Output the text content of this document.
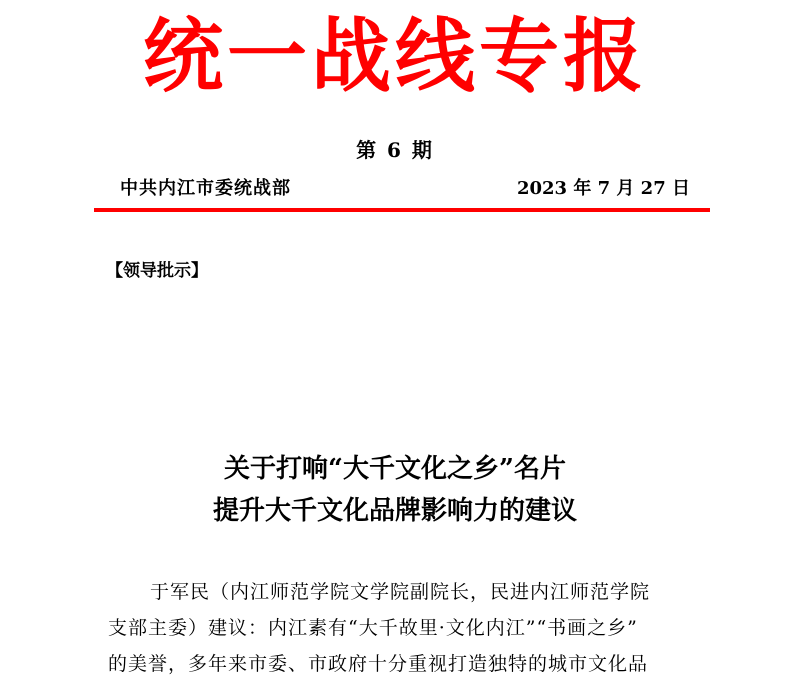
统一战线专报
第 6 期
中共内江市委统战部	2023 年 7 月 27 日
【领导批示】
关于打响“大千文化之乡”名片
提升大千文化品牌影响力的建议
于军民（内江师范学院文学院副院长，民进内江师范学院
支部主委）建议：内江素有“大千故里·文化内江”“书画之乡”
的美誉，多年来市委、市政府十分重视打造独特的城市文化品
